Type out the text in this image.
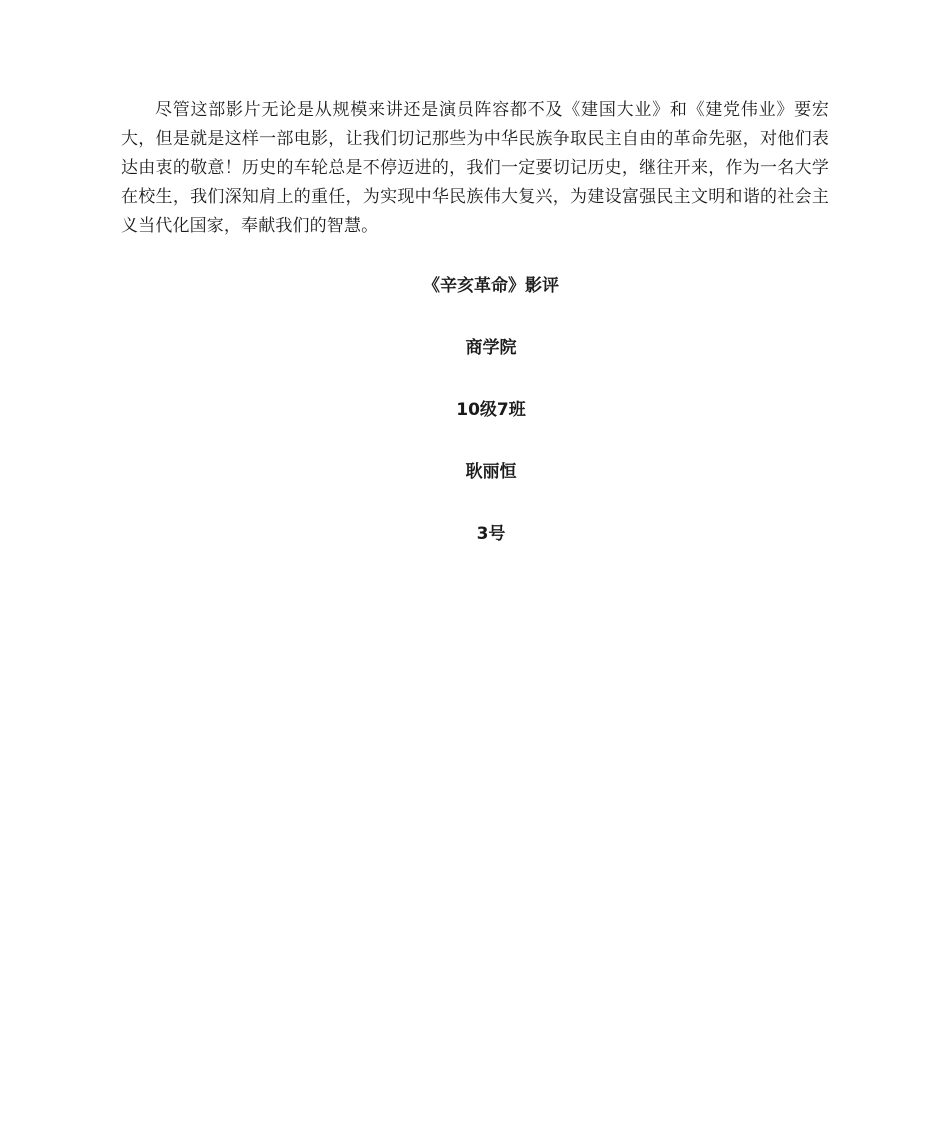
尽管这部影片无论是从规模来讲还是演员阵容都不及《建国大业》和《建党伟业》要宏大，但是就是这样一部电影，让我们切记那些为中华民族争取民主自由的革命先驱，对他们表达由衷的敬意！历史的车轮总是不停迈进的，我们一定要切记历史，继往开来，作为一名大学在校生，我们深知肩上的重任，为实现中华民族伟大复兴，为建设富强民主文明和谐的社会主义当代化国家，奉献我们的智慧。

《辛亥革命》影评

商学院

10级7班

耿丽恒

3号
